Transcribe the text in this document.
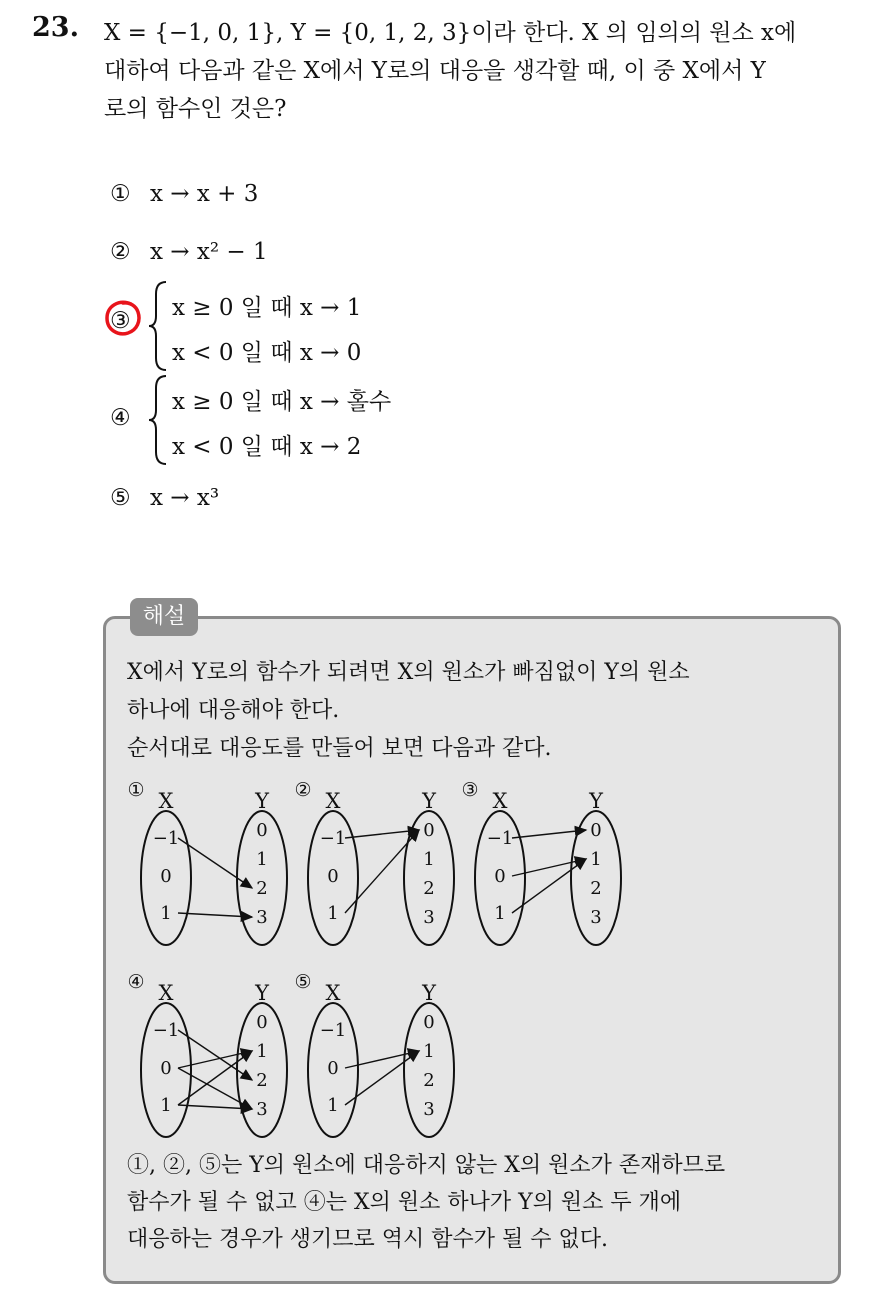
23. X = {−1, 0, 1}, Y = {0, 1, 2, 3}이라 한다. X 의 임의의 원소 x에
대하여 다음과 같은 X에서 Y로의 대응을 생각할 때, 이 중 X에서 Y
로의 함수인 것은?
① x → x + 3
② x → x² − 1
③ x ≥ 0 일 때 x → 1
x < 0 일 때 x → 0
④
x ≥ 0 일 때 x → 홀수
x < 0 일 때 x → 2
⑤ x → x³
해설
X에서 Y로의 함수가 되려면 X의 원소가 빠짐없이 Y의 원소
하나에 대응해야 한다.
순서대로 대응도를 만들어 보면 다음과 같다.
① X	Y
−1
0
1
0
1
2
3
② X	Y
−1
0
1
0
1
2
3
③ X	Y
−1
0
1
0
1
2
3
④ X	Y
−1
0
1
0
1
2
3
⑤ X	Y
−1
0
1
0
1
2
3
①, ②, ⑤는 Y의 원소에 대응하지 않는 X의 원소가 존재하므로
함수가 될 수 없고 ④는 X의 원소 하나가 Y의 원소 두 개에
대응하는 경우가 생기므로 역시 함수가 될 수 없다.
